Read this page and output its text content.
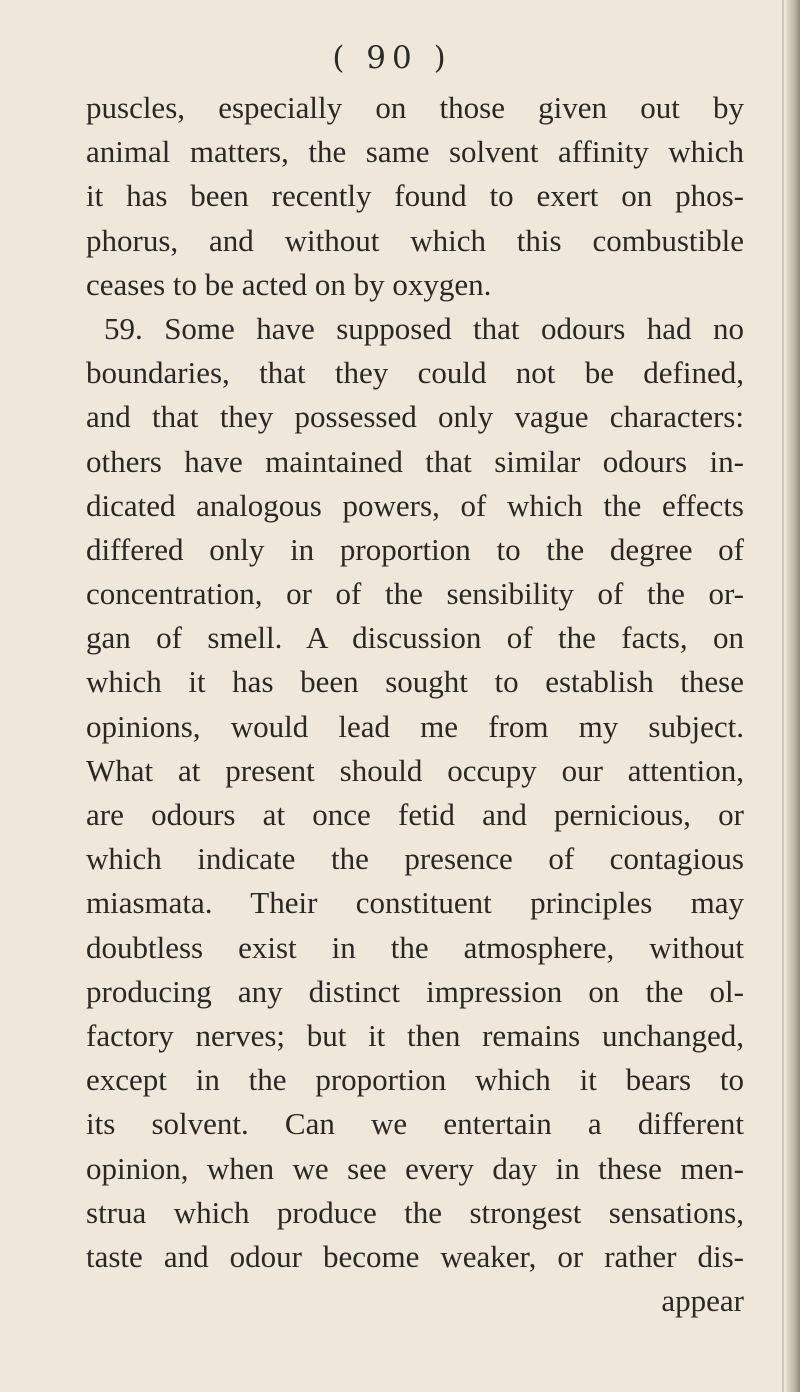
( 90 )
puscles, especially on those given out by
animal matters, the same solvent affinity which
it has been recently found to exert on phos-
phorus, and without which this combustible
ceases to be acted on by oxygen.
59. Some have supposed that odours had no
boundaries, that they could not be defined,
and that they possessed only vague characters:
others have maintained that similar odours in-
dicated analogous powers, of which the effects
differed only in proportion to the degree of
concentration, or of the sensibility of the or-
gan of smell. A discussion of the facts, on
which it has been sought to establish these
opinions, would lead me from my subject.
What at present should occupy our attention,
are odours at once fetid and pernicious, or
which indicate the presence of contagious
miasmata. Their constituent principles may
doubtless exist in the atmosphere, without
producing any distinct impression on the ol-
factory nerves; but it then remains unchanged,
except in the proportion which it bears to
its solvent. Can we entertain a different
opinion, when we see every day in these men-
strua which produce the strongest sensations,
taste and odour become weaker, or rather dis-
appear
